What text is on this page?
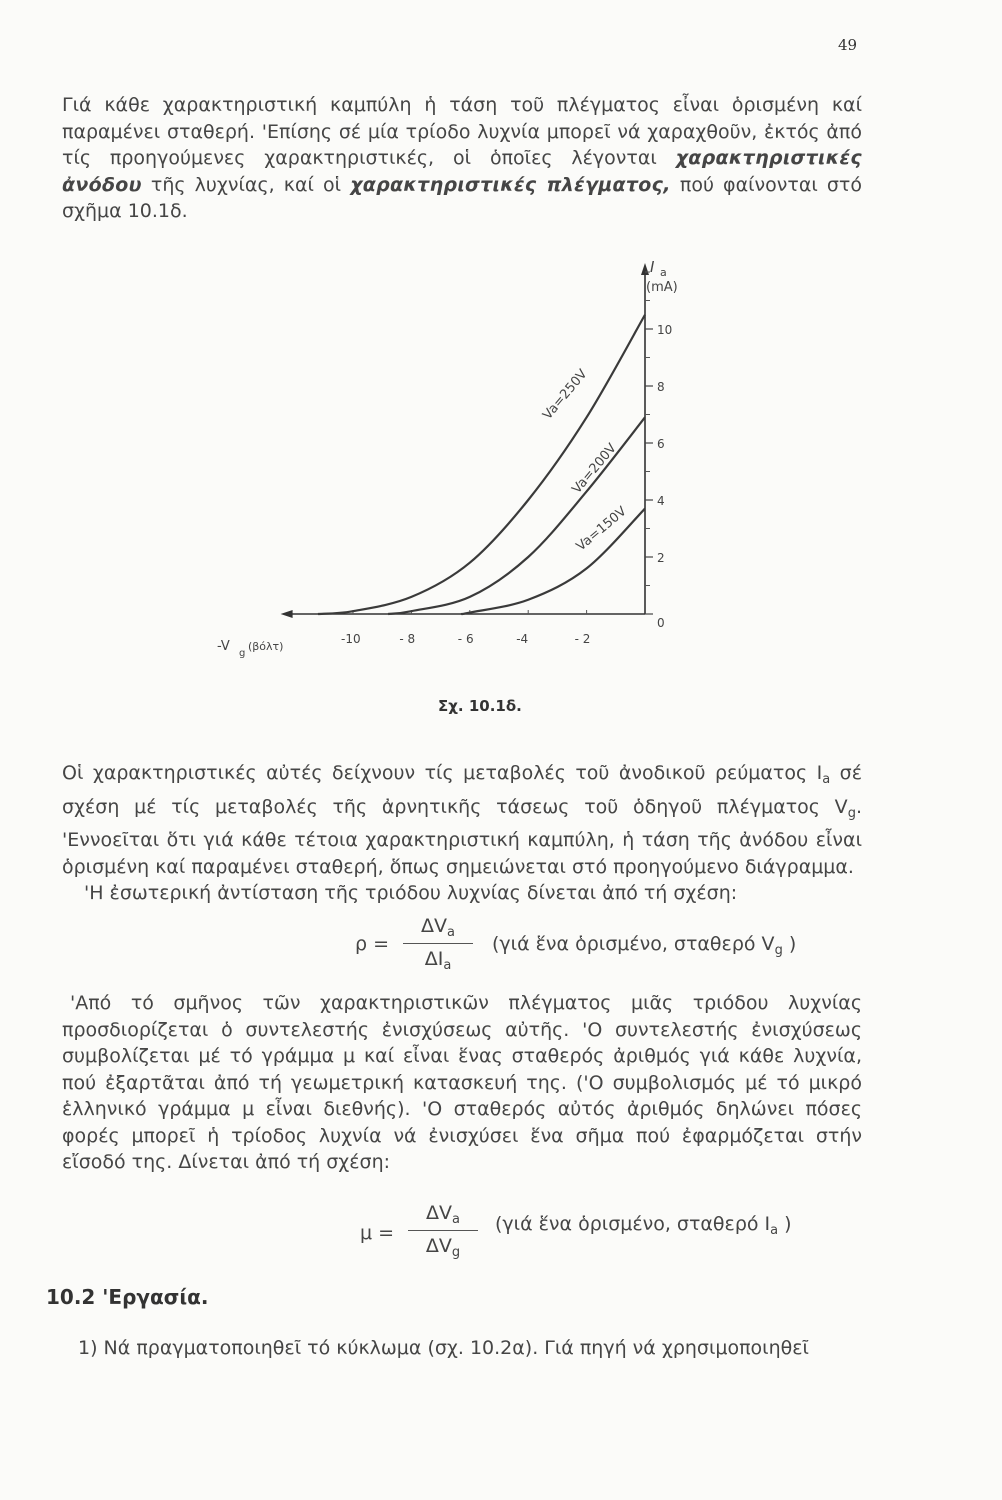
49

Γιά κάθε χαρακτηριστική καμπύλη ἡ τάση τοῦ πλέγματος εἶναι ὁρισμένη καί παραμένει σταθερή. 'Επίσης σέ μία τρίοδο λυχνία μπορεῖ νά χαραχθοῦν, ἐκτός ἀπό τίς προηγούμενες χαρακτηριστικές, οἱ ὁποῖες λέγονται χαρακτηριστικές ἀνόδου τῆς λυχνίας, καί οἱ χαρακτηριστικές πλέγματος, πού φαίνονται στό σχῆμα 10.1δ.

0
2
4
6
8
10
-10	- 8	- 6	-4	- 2
Va=250V
Va=200V
Va=150V
I a
(mA)
-V g
(βόλτ)
Σχ. 10.1δ.

Οἱ χαρακτηριστικές αὐτές δείχνουν τίς μεταβολές τοῦ ἀνοδικοῦ ρεύματος $I_a$ σέ σχέση μέ τίς μεταβολές τῆς ἀρνητικῆς τάσεως τοῦ ὁδηγοῦ πλέγματος $V_g$. 'Εννοεῖται ὅτι γιά κάθε τέτοια χαρακτηριστική καμπύλη, ἡ τάση τῆς ἀνόδου εἶναι ὁρισμένη καί παραμένει σταθερή, ὅπως σημειώνεται στό προηγούμενο διάγραμμα.
'Η ἐσωτερική ἀντίσταση τῆς τριόδου λυχνίας δίνεται ἀπό τή σχέση:

ρ =
$\Delta V_a$
$\Delta I_a$
(γιά ἕνα ὁρισμένο, σταθερό $V_g$ )

'Από τό σμῆνος τῶν χαρακτηριστικῶν πλέγματος μιᾶς τριόδου λυχνίας προσδιορίζεται ὁ συντελεστής ἐνισχύσεως αὐτῆς. 'Ο συντελεστής ἐνισχύσεως συμβολίζεται μέ τό γράμμα μ καί εἶναι ἕνας σταθερός ἀριθμός γιά κάθε λυχνία, πού ἐξαρτᾶται ἀπό τή γεωμετρική κατασκευή της. ('Ο συμβολισμός μέ τό μικρό ἑλληνικό γράμμα μ εἶναι διεθνής). 'Ο σταθερός αὐτός ἀριθμός δηλώνει πόσες φορές μπορεῖ ἡ τρίοδος λυχνία νά ἐνισχύσει ἕνα σῆμα πού ἐφαρμόζεται στήν εἴσοδό της. Δίνεται ἀπό τή σχέση:

μ =
$\Delta V_a$
$\Delta V_g$
(γιά ἕνα ὁρισμένο, σταθερό $I_a$ )
10.2 'Εργασία.
1) Νά πραγματοποιηθεῖ τό κύκλωμα (σχ. 10.2α). Γιά πηγή νά χρησιμοποιηθεῖ
